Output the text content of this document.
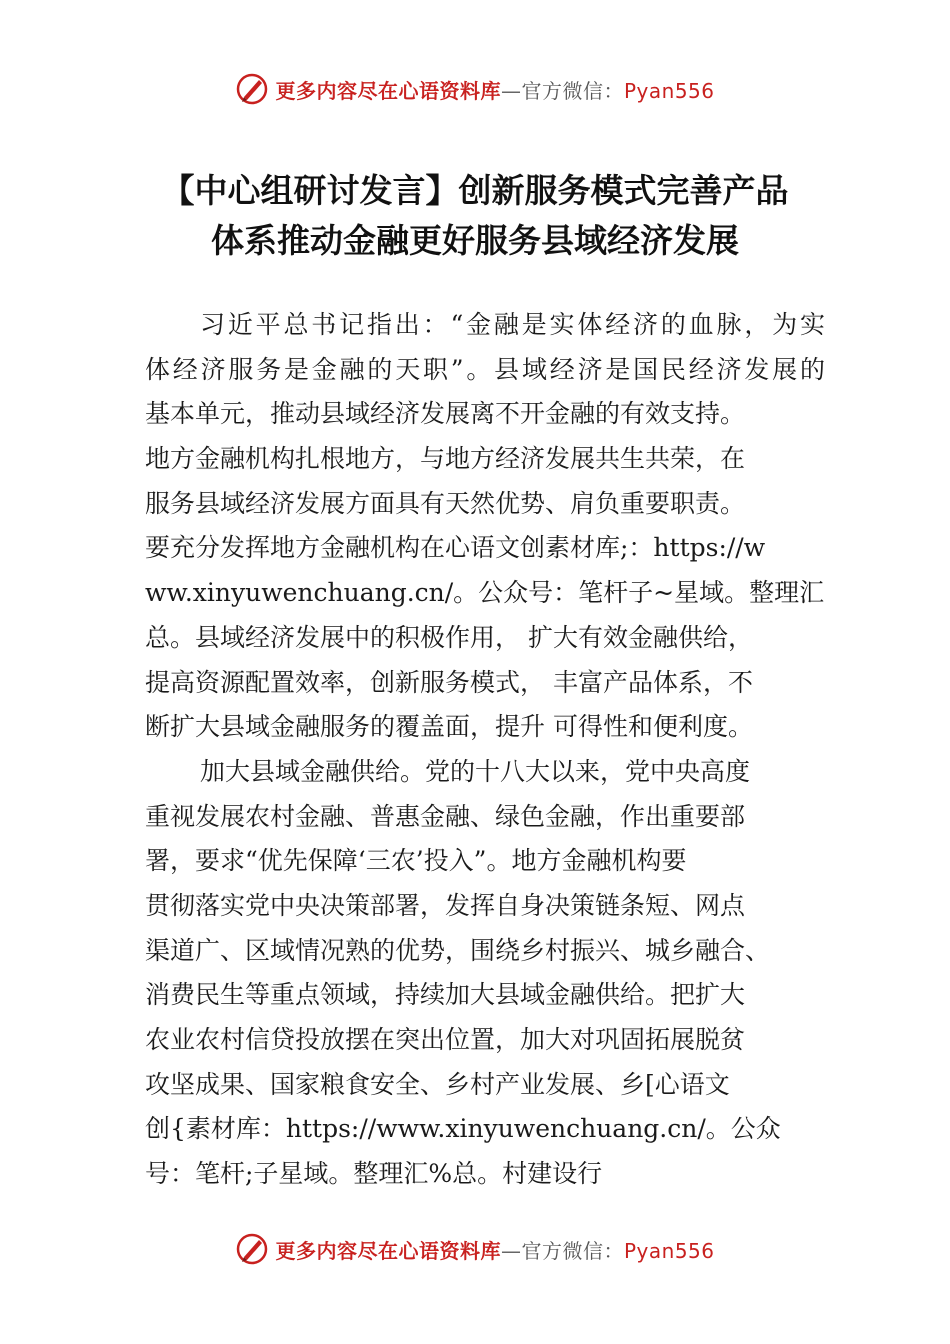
更多内容尽在心语资料库—官方微信：Pyan556
【中心组研讨发言】创新服务模式完善产品
体系推动金融更好服务县域经济发展
习近平总书记指出：“金融是实体经济的血脉，为实
体经济服务是金融的天职”。县域经济是国民经济发展的
基本单元，推动县域经济发展离不开金融的有效支持。
地方金融机构扎根地方，与地方经济发展共生共荣，在
服务县域经济发展方面具有天然优势、肩负重要职责。
要充分发挥地方金融机构在心语文创素材库;：https://w
ww.xinyuwenchuang.cn/。公众号：笔杆子~星域。整理汇
总。县域经济发展中的积极作用， 扩大有效金融供给，
提高资源配置效率，创新服务模式， 丰富产品体系，不
断扩大县域金融服务的覆盖面，提升 可得性和便利度。
加大县域金融供给。党的十八大以来，党中央高度
重视发展农村金融、普惠金融、绿色金融，作出重要部
署，要求“优先保障‘三农’投入”。地方金融机构要
贯彻落实党中央决策部署，发挥自身决策链条短、网点
渠道广、区域情况熟的优势，围绕乡村振兴、城乡融合、
消费民生等重点领域，持续加大县域金融供给。把扩大
农业农村信贷投放摆在突出位置，加大对巩固拓展脱贫
攻坚成果、国家粮食安全、乡村产业发展、乡[心语文
创{素材库：https://www.xinyuwenchuang.cn/。公众
号：笔杆;子星域。整理汇%总。村建设行
更多内容尽在心语资料库—官方微信：Pyan556
